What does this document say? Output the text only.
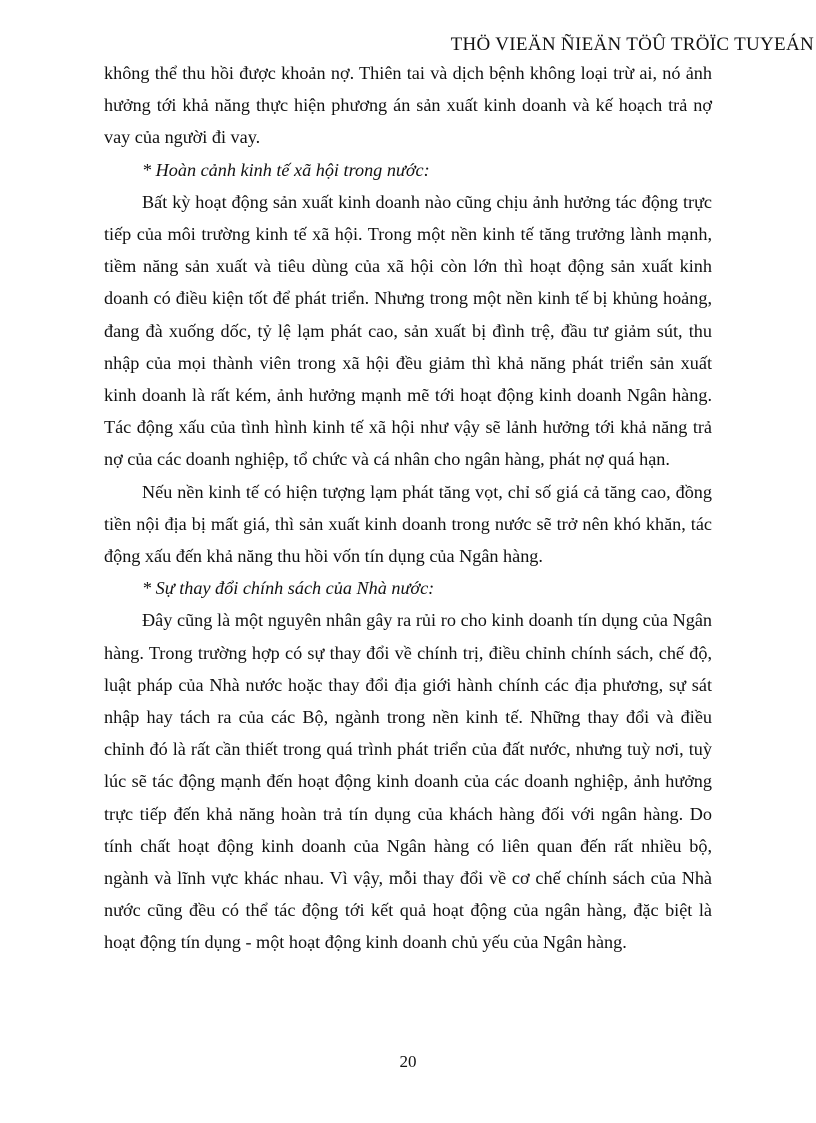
THÖ VIEÄN ÑIEÄN TÖÛ TRÖÏC TUYEÁN

không thể thu hồi được khoản nợ. Thiên tai và dịch bệnh không loại trừ ai, nó ảnh hưởng tới khả năng thực hiện phương án sản xuất kinh doanh và kế hoạch trả nợ vay của người đi vay.

* Hoàn cảnh kinh tế xã hội trong nước:

Bất kỳ hoạt động sản xuất kinh doanh nào cũng chịu ảnh hưởng tác động trực tiếp của môi trường kinh tế xã hội. Trong một nền kinh tế tăng trưởng lành mạnh, tiềm năng sản xuất và tiêu dùng của xã hội còn lớn thì hoạt động sản xuất kinh doanh có điều kiện tốt để phát triển. Nhưng trong một nền kinh tế bị khủng hoảng, đang đà xuống dốc, tỷ lệ lạm phát cao, sản xuất bị đình trệ, đầu tư giảm sút, thu nhập của mọi thành viên trong xã hội đều giảm thì khả năng phát triển sản xuất kinh doanh là rất kém, ảnh hưởng mạnh mẽ tới hoạt động kinh doanh Ngân hàng. Tác động xấu của tình hình kinh tế xã hội như vậy sẽ lảnh hưởng tới khả năng trả nợ của các doanh nghiệp, tổ chức và cá nhân cho ngân hàng, phát nợ quá hạn.

Nếu nền kinh tế có hiện tượng lạm phát tăng vọt, chỉ số giá cả tăng cao, đồng tiền nội địa bị mất giá, thì sản xuất kinh doanh trong nước sẽ trở nên khó khăn, tác động xấu đến khả năng thu hồi vốn tín dụng của Ngân hàng.

* Sự thay đổi chính sách của Nhà nước:

Đây cũng là một nguyên nhân gây ra rủi ro cho kinh doanh tín dụng của Ngân hàng. Trong trường hợp có sự thay đổi về chính trị, điều chỉnh chính sách, chế độ, luật pháp của Nhà nước hoặc thay đổi địa giới hành chính các địa phương, sự sát nhập hay tách ra của các Bộ, ngành trong nền kinh tế. Những thay đổi và điều chỉnh đó là rất cần thiết trong quá trình phát triển của đất nước, nhưng tuỳ nơi, tuỳ lúc sẽ tác động mạnh đến hoạt động kinh doanh của các doanh nghiệp, ảnh hưởng trực tiếp đến khả năng hoàn trả tín dụng của khách hàng đối với ngân hàng. Do tính chất hoạt động kinh doanh của Ngân hàng có liên quan đến rất nhiều bộ, ngành và lĩnh vực khác nhau. Vì vậy, mỗi thay đổi về cơ chế chính sách của Nhà nước cũng đều có thể tác động tới kết quả hoạt động của ngân hàng, đặc biệt là hoạt động tín dụng - một hoạt động kinh doanh chủ yếu của Ngân hàng.

20
